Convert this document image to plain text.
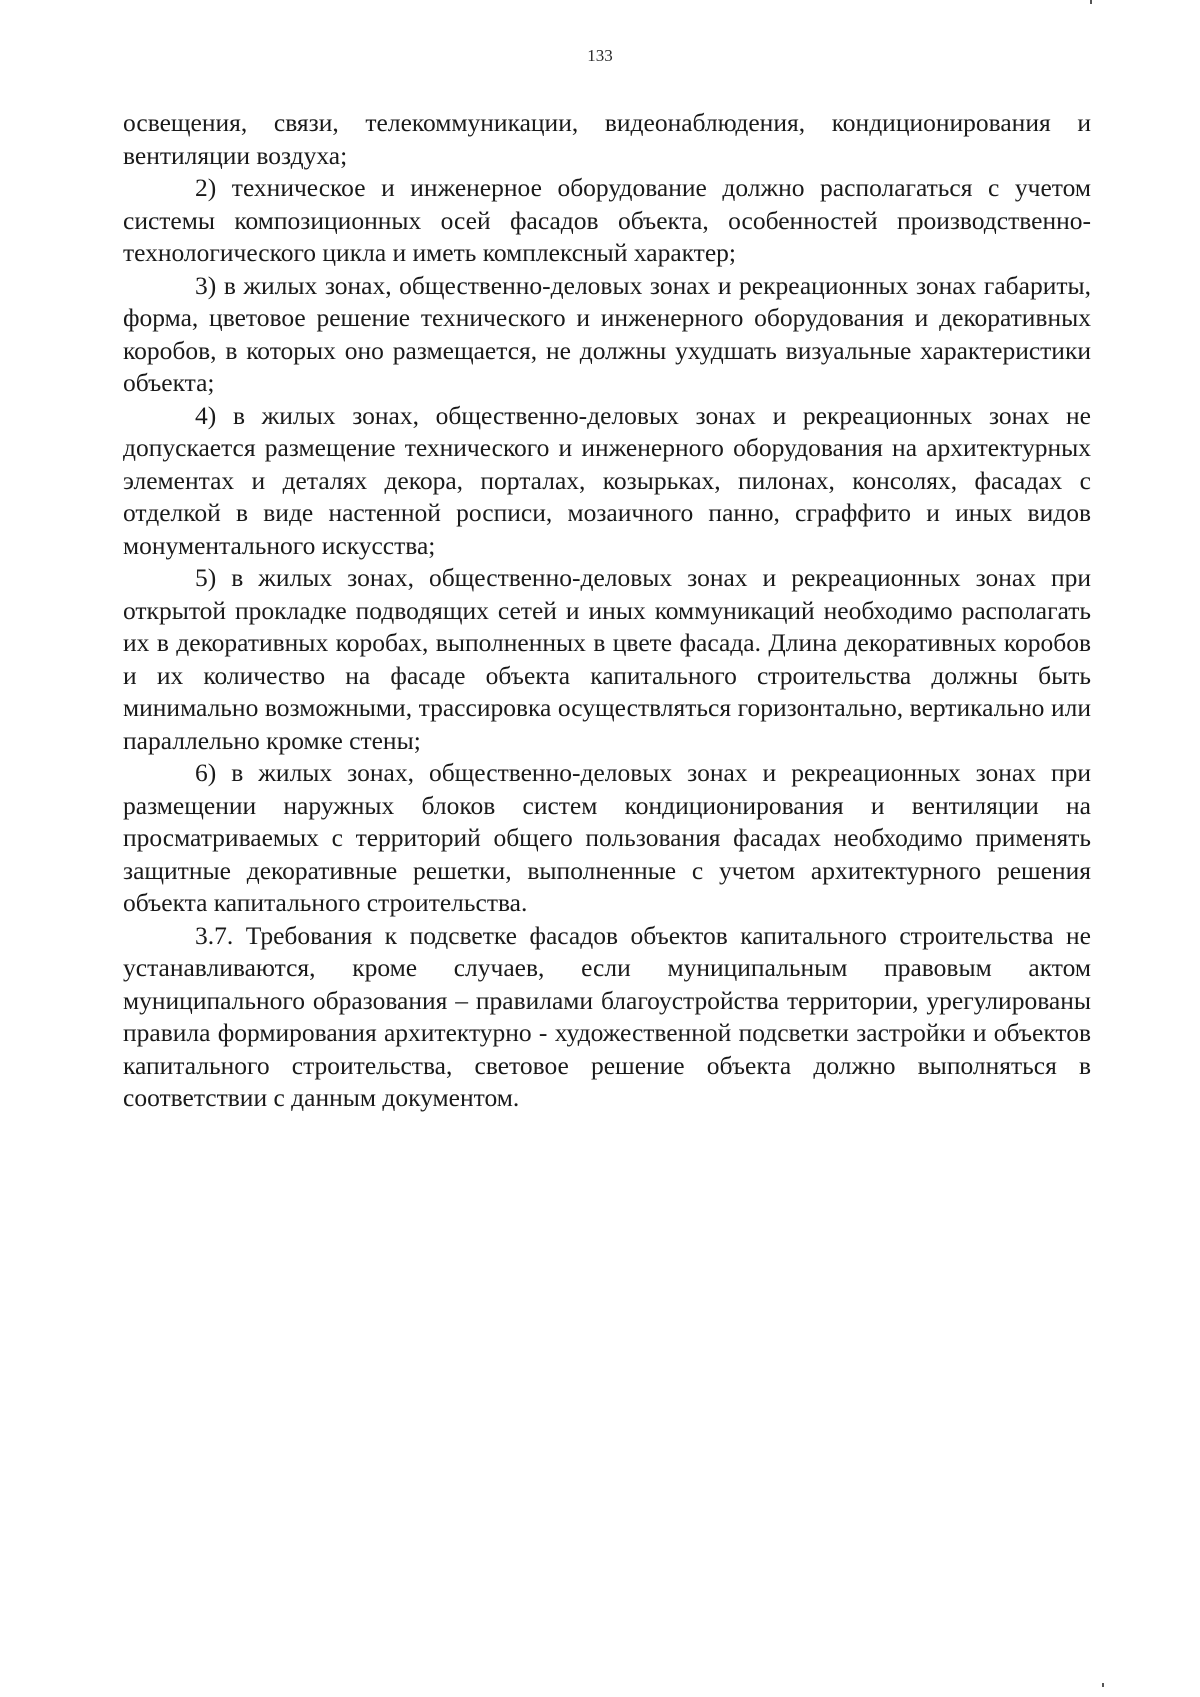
133

освещения, связи, телекоммуникации, видеонаблюдения, кондиционирования и вентиляции воздуха;

2) техническое и инженерное оборудование должно располагаться с учетом системы композиционных осей фасадов объекта, особенностей производственно-технологического цикла и иметь комплексный характер;

3) в жилых зонах, общественно-деловых зонах и рекреационных зонах габариты, форма, цветовое решение технического и инженерного оборудования и декоративных коробов, в которых оно размещается, не должны ухудшать визуальные характеристики объекта;

4) в жилых зонах, общественно-деловых зонах и рекреационных зонах не допускается размещение технического и инженерного оборудования на архитектурных элементах и деталях декора, порталах, козырьках, пилонах, консолях, фасадах с отделкой в виде настенной росписи, мозаичного панно, сграффито и иных видов монументального искусства;

5) в жилых зонах, общественно-деловых зонах и рекреационных зонах при открытой прокладке подводящих сетей и иных коммуникаций необходимо располагать их в декоративных коробах, выполненных в цвете фасада. Длина декоративных коробов и их количество на фасаде объекта капитального строительства должны быть минимально возможными, трассировка осуществляться горизонтально, вертикально или параллельно кромке стены;

6) в жилых зонах, общественно-деловых зонах и рекреационных зонах при размещении наружных блоков систем кондиционирования и вентиляции на просматриваемых с территорий общего пользования фасадах необходимо применять защитные декоративные решетки, выполненные с учетом архитектурного решения объекта капитального строительства.

3.7. Требования к подсветке фасадов объектов капитального строительства не устанавливаются, кроме случаев, если муниципальным правовым актом муниципального образования – правилами благоустройства территории, урегулированы правила формирования архитектурно - художественной подсветки застройки и объектов капитального строительства, световое решение объекта должно выполняться в соответствии с данным документом.
